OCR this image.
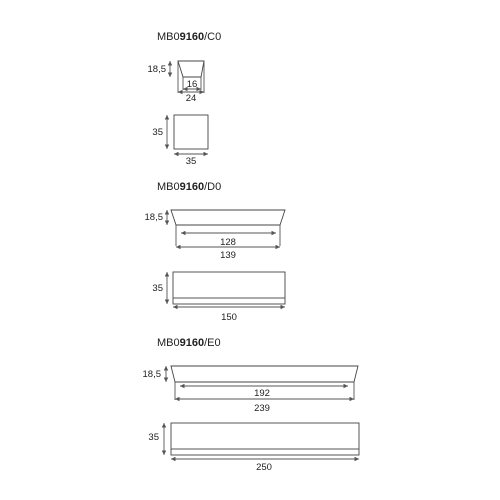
MB09160/C0
18,5
16
24
35
35
MB09160/D0
18,5
128
139
35
150
MB09160/E0
18,5
192
239
35
250
